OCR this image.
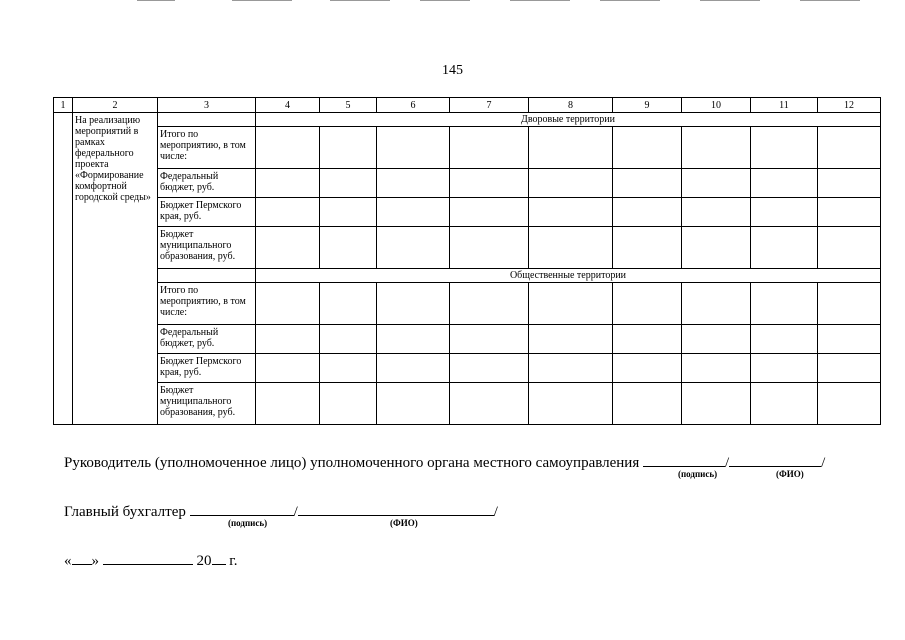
145
1	2	3	4	5	6	7	8	9	10	11	12
	На реализацию мероприятий в рамках федерального проекта «Формирование комфортной городской среды»		Дворовые территории								
		Итого по мероприятию, в том числе:									
		Федеральный бюджет, руб.									
		Бюджет Пермского края, руб.									
		Бюджет муниципального образования, руб.									
			Общественные территории								
		Итого по мероприятию, в том числе:									
		Федеральный бюджет, руб.									
		Бюджет Пермского края, руб.									
		Бюджет муниципального образования, руб.									
Руководитель (уполномоченное лицо) уполномоченного органа местного самоуправления	/	/
(подпись)	(ФИО)
Главный бухгалтер	/	/
(подпись)	(ФИО)
« »	20 г.
